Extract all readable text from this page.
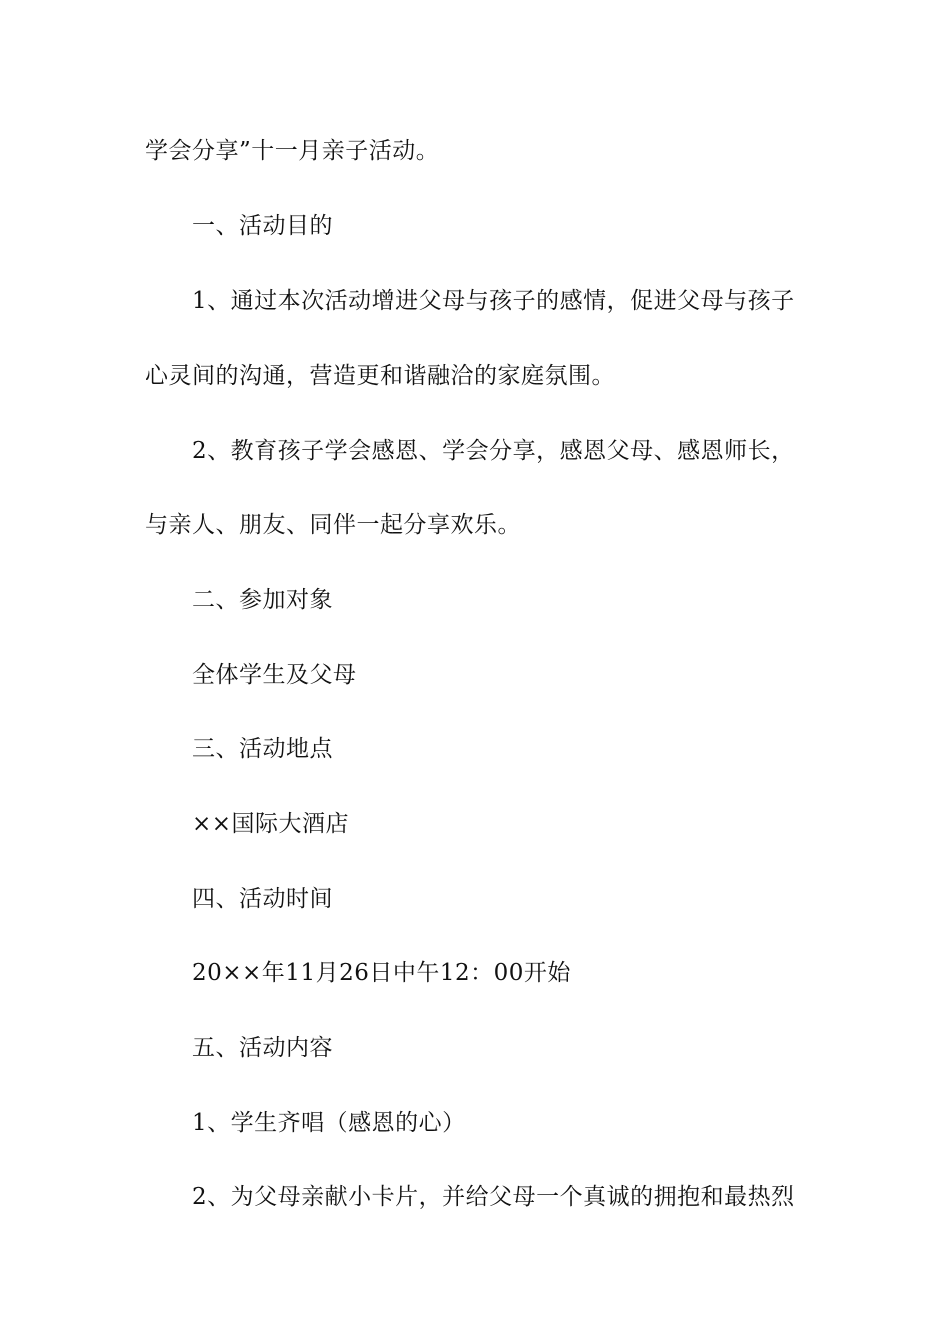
学会分享”十一月亲子活动。
一、活动目的
1、通过本次活动增进父母与孩子的感情，促进父母与孩子
心灵间的沟通，营造更和谐融洽的家庭氛围。
2、教育孩子学会感恩、学会分享，感恩父母、感恩师长，
与亲人、朋友、同伴一起分享欢乐。
二、参加对象
全体学生及父母
三、活动地点
××国际大酒店
四、活动时间
20××年11月26日中午12：00开始
五、活动内容
1、学生齐唱（感恩的心）
2、为父母亲献小卡片，并给父母一个真诚的拥抱和最热烈
